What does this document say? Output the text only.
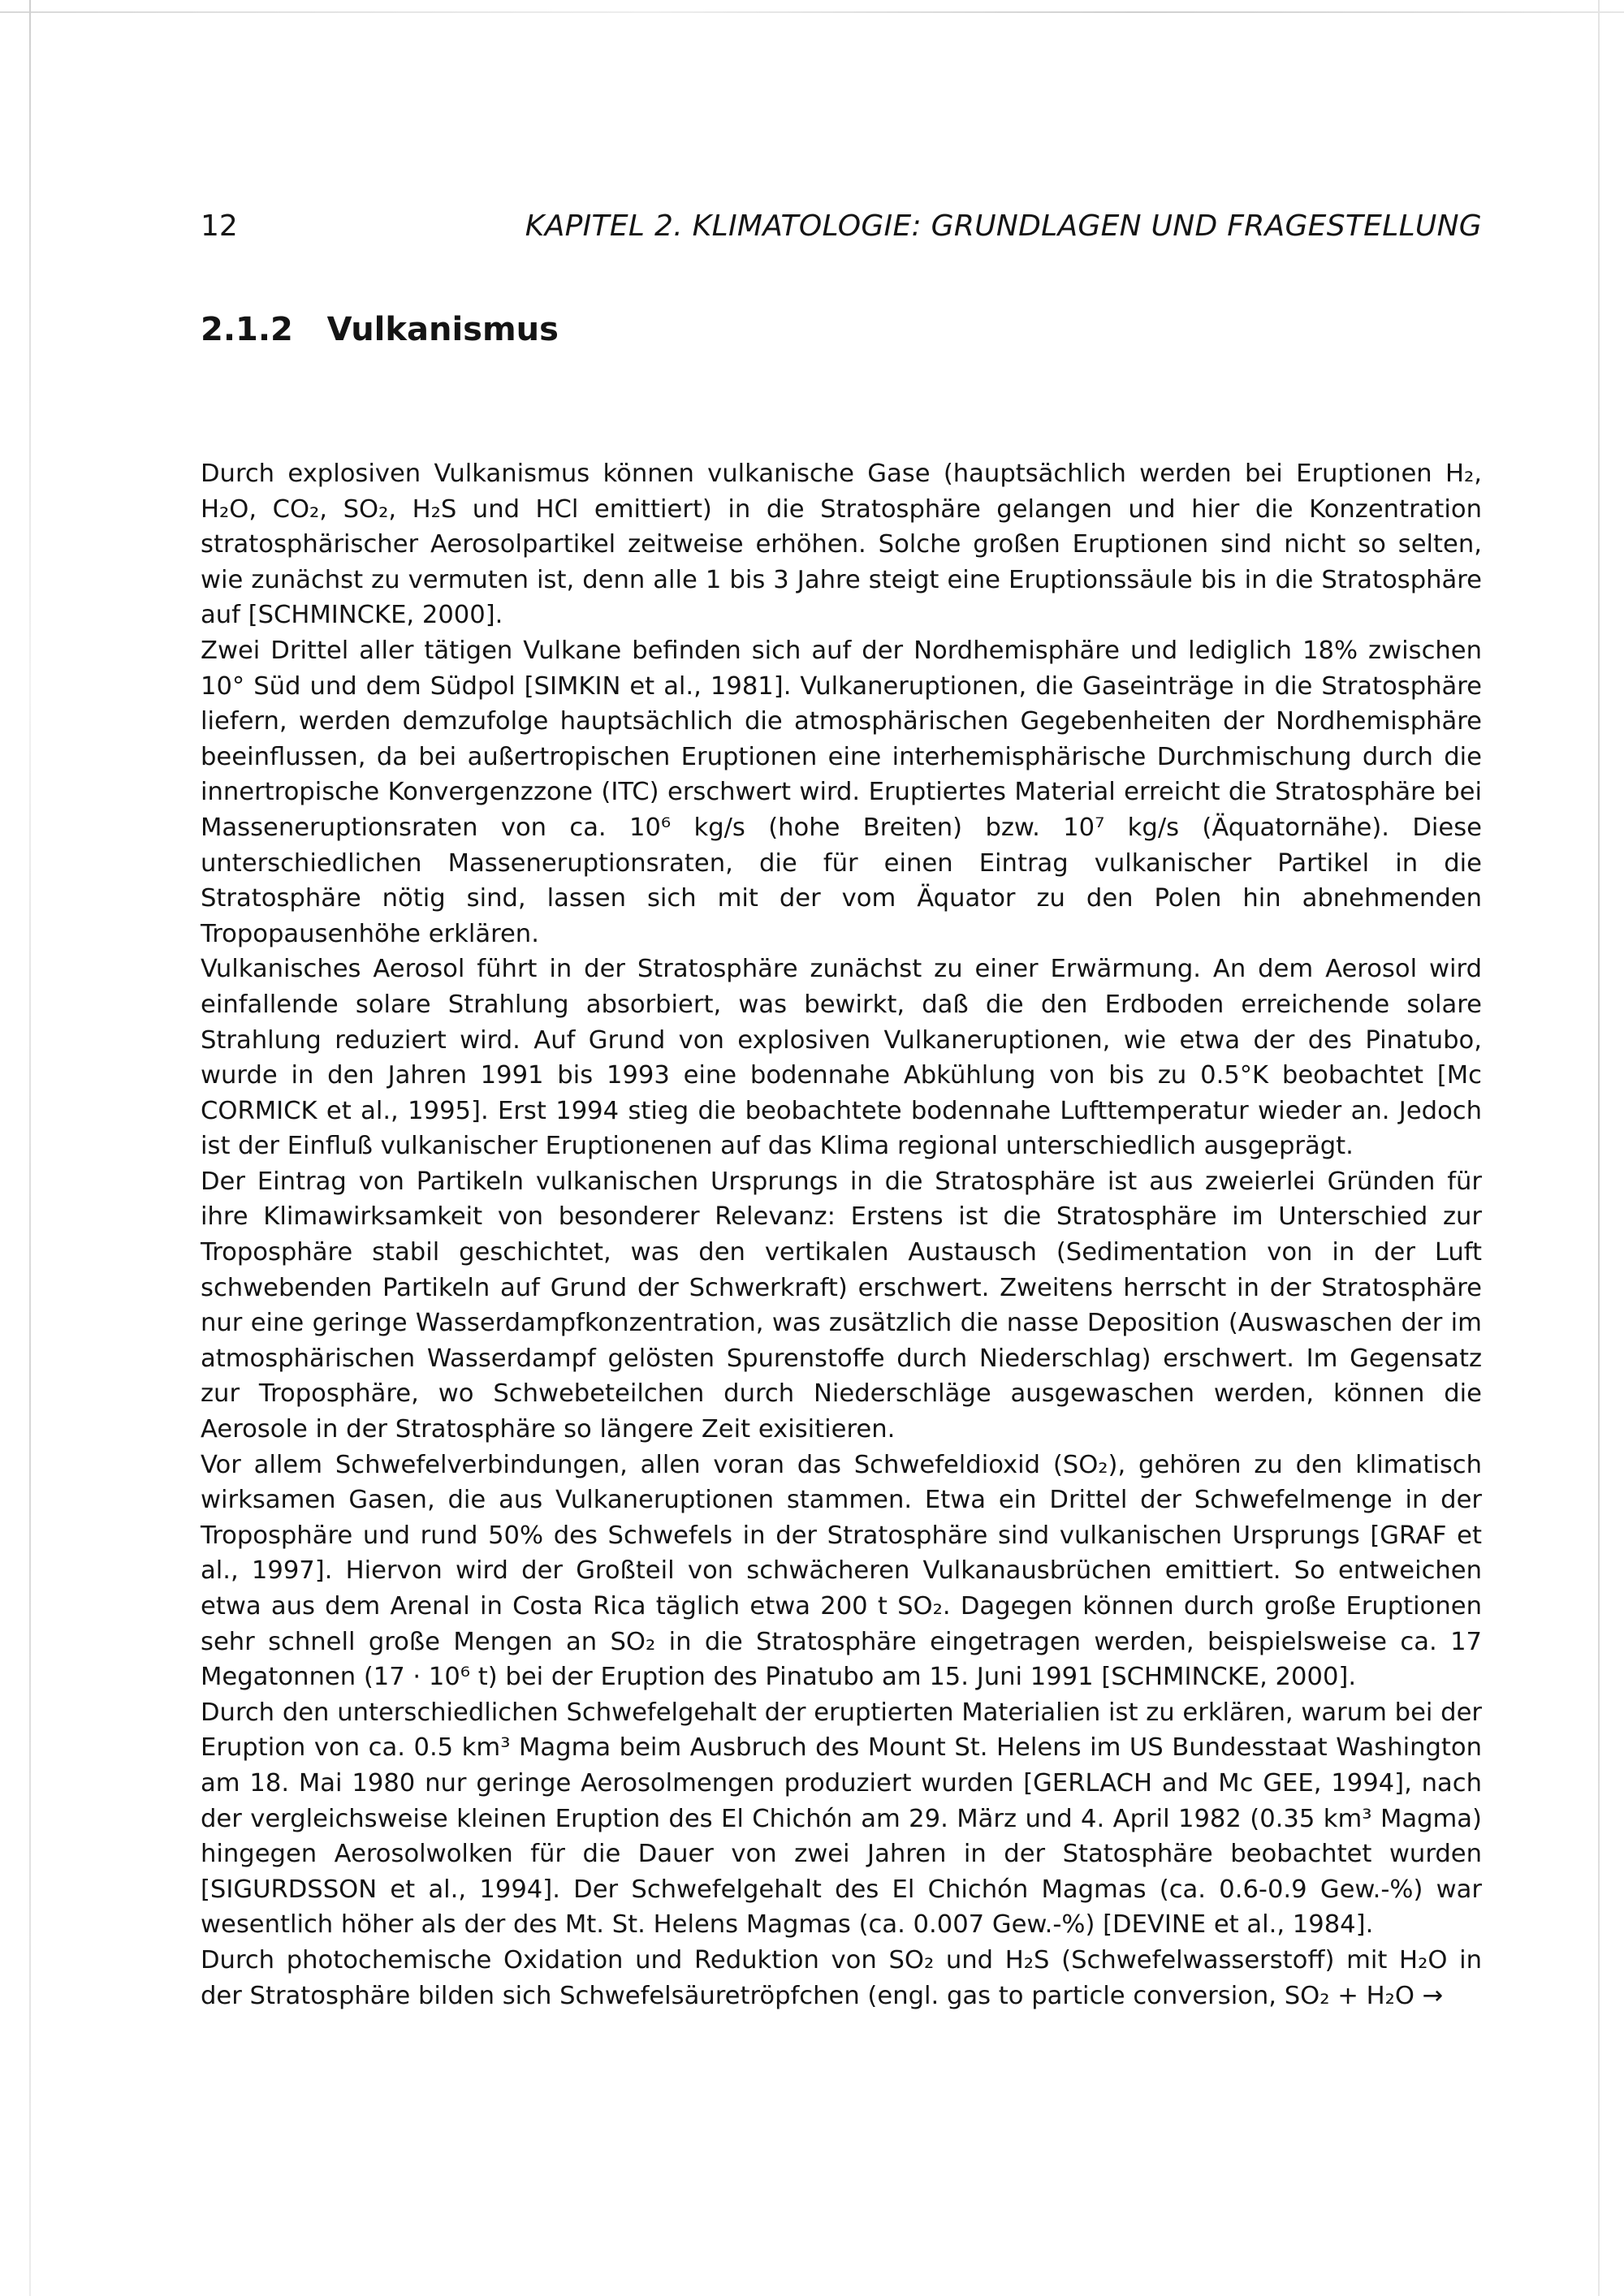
12	KAPITEL 2. KLIMATOLOGIE: GRUNDLAGEN UND FRAGESTELLUNG
2.1.2 Vulkanismus

Durch explosiven Vulkanismus können vulkanische Gase (hauptsächlich werden bei Eruptionen H₂, H₂O, CO₂, SO₂, H₂S und HCl emittiert) in die Stratosphäre gelangen und hier die Konzentration stratosphärischer Aerosolpartikel zeitweise erhöhen. Solche großen Eruptionen sind nicht so selten, wie zunächst zu vermuten ist, denn alle 1 bis 3 Jahre steigt eine Eruptionssäule bis in die Stratosphäre auf [SCHMINCKE, 2000].

Zwei Drittel aller tätigen Vulkane befinden sich auf der Nordhemisphäre und lediglich 18% zwischen 10° Süd und dem Südpol [SIMKIN et al., 1981]. Vulkaneruptionen, die Gaseinträge in die Stratosphäre liefern, werden demzufolge hauptsächlich die atmosphärischen Gegebenheiten der Nordhemisphäre beeinflussen, da bei außertropischen Eruptionen eine interhemisphärische Durchmischung durch die innertropische Konvergenzzone (ITC) erschwert wird. Eruptiertes Material erreicht die Stratosphäre bei Masseneruptionsraten von ca. 10⁶ kg/s (hohe Breiten) bzw. 10⁷ kg/s (Äquatornähe). Diese unterschiedlichen Masseneruptionsraten, die für einen Eintrag vulkanischer Partikel in die Stratosphäre nötig sind, lassen sich mit der vom Äquator zu den Polen hin abnehmenden Tropopausenhöhe erklären.

Vulkanisches Aerosol führt in der Stratosphäre zunächst zu einer Erwärmung. An dem Aerosol wird einfallende solare Strahlung absorbiert, was bewirkt, daß die den Erdboden erreichende solare Strahlung reduziert wird. Auf Grund von explosiven Vulkaneruptionen, wie etwa der des Pinatubo, wurde in den Jahren 1991 bis 1993 eine bodennahe Abkühlung von bis zu 0.5°K beobachtet [Mc CORMICK et al., 1995]. Erst 1994 stieg die beobachtete bodennahe Lufttemperatur wieder an. Jedoch ist der Einfluß vulkanischer Eruptionenen auf das Klima regional unterschiedlich ausgeprägt.

Der Eintrag von Partikeln vulkanischen Ursprungs in die Stratosphäre ist aus zweierlei Gründen für ihre Klimawirksamkeit von besonderer Relevanz: Erstens ist die Stratosphäre im Unterschied zur Troposphäre stabil geschichtet, was den vertikalen Austausch (Sedimentation von in der Luft schwebenden Partikeln auf Grund der Schwerkraft) erschwert. Zweitens herrscht in der Stratosphäre nur eine geringe Wasserdampfkonzentration, was zusätzlich die nasse Deposition (Auswaschen der im atmosphärischen Wasserdampf gelösten Spurenstoffe durch Niederschlag) erschwert. Im Gegensatz zur Troposphäre, wo Schwebeteilchen durch Niederschläge ausgewaschen werden, können die Aerosole in der Stratosphäre so längere Zeit exisitieren.

Vor allem Schwefelverbindungen, allen voran das Schwefeldioxid (SO₂), gehören zu den klimatisch wirksamen Gasen, die aus Vulkaneruptionen stammen. Etwa ein Drittel der Schwefelmenge in der Troposphäre und rund 50% des Schwefels in der Stratosphäre sind vulkanischen Ursprungs [GRAF et al., 1997]. Hiervon wird der Großteil von schwächeren Vulkanausbrüchen emittiert. So entweichen etwa aus dem Arenal in Costa Rica täglich etwa 200 t SO₂. Dagegen können durch große Eruptionen sehr schnell große Mengen an SO₂ in die Stratosphäre eingetragen werden, beispielsweise ca. 17 Megatonnen (17 · 10⁶ t) bei der Eruption des Pinatubo am 15. Juni 1991 [SCHMINCKE, 2000].

Durch den unterschiedlichen Schwefelgehalt der eruptierten Materialien ist zu erklären, warum bei der Eruption von ca. 0.5 km³ Magma beim Ausbruch des Mount St. Helens im US Bundesstaat Washington am 18. Mai 1980 nur geringe Aerosolmengen produziert wurden [GERLACH and Mc GEE, 1994], nach der vergleichsweise kleinen Eruption des El Chichón am 29. März und 4. April 1982 (0.35 km³ Magma) hingegen Aerosolwolken für die Dauer von zwei Jahren in der Statosphäre beobachtet wurden [SIGURDSSON et al., 1994]. Der Schwefelgehalt des El Chichón Magmas (ca. 0.6-0.9 Gew.-%) war wesentlich höher als der des Mt. St. Helens Magmas (ca. 0.007 Gew.-%) [DEVINE et al., 1984].

Durch photochemische Oxidation und Reduktion von SO₂ und H₂S (Schwefelwasserstoff) mit H₂O in der Stratosphäre bilden sich Schwefelsäuretröpfchen (engl. gas to particle conversion, SO₂ + H₂O →
